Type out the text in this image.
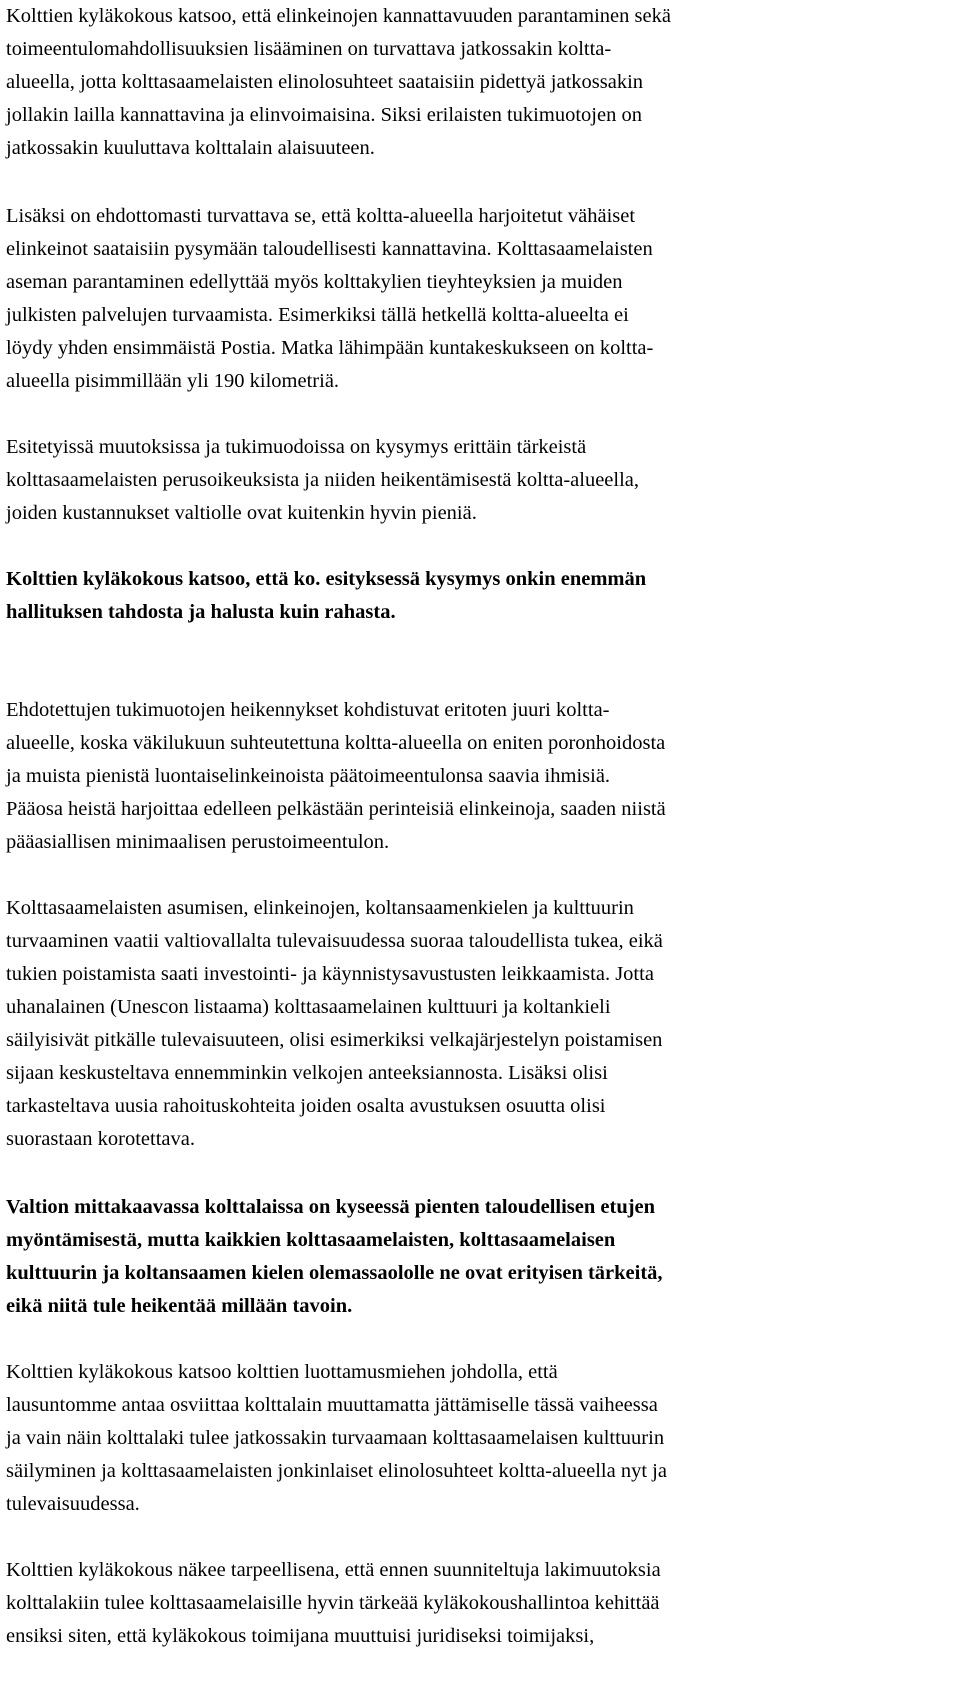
Kolttien kyläkokous katsoo, että elinkeinojen kannattavuuden parantaminen sekä
toimeentulomahdollisuuksien lisääminen on turvattava jatkossakin koltta-
alueella, jotta kolttasaamelaisten elinolosuhteet saataisiin pidettyä jatkossakin
jollakin lailla kannattavina ja elinvoimaisina. Siksi erilaisten tukimuotojen on
jatkossakin kuuluttava kolttalain alaisuuteen.

Lisäksi on ehdottomasti turvattava se, että koltta-alueella harjoitetut vähäiset
elinkeinot saataisiin pysymään taloudellisesti kannattavina. Kolttasaamelaisten
aseman parantaminen edellyttää myös kolttakylien tieyhteyksien ja muiden
julkisten palvelujen turvaamista. Esimerkiksi tällä hetkellä koltta-alueelta ei
löydy yhden ensimmäistä Postia. Matka lähimpään kuntakeskukseen on koltta-
alueella pisimmillään yli 190 kilometriä.

Esitetyissä muutoksissa ja tukimuodoissa on kysymys erittäin tärkeistä
kolttasaamelaisten perusoikeuksista ja niiden heikentämisestä koltta-alueella,
joiden kustannukset valtiolle ovat kuitenkin hyvin pieniä.

Kolttien kyläkokous katsoo, että ko. esityksessä kysymys onkin enemmän
hallituksen tahdosta ja halusta kuin rahasta.

Ehdotettujen tukimuotojen heikennykset kohdistuvat eritoten juuri koltta-
alueelle, koska väkilukuun suhteutettuna koltta-alueella on eniten poronhoidosta
ja muista pienistä luontaiselinkeinoista päätoimeentulonsa saavia ihmisiä.
Pääosa heistä harjoittaa edelleen pelkästään perinteisiä elinkeinoja, saaden niistä
pääasiallisen minimaalisen perustoimeentulon.

Kolttasaamelaisten asumisen, elinkeinojen, koltansaamenkielen ja kulttuurin
turvaaminen vaatii valtiovallalta tulevaisuudessa suoraa taloudellista tukea, eikä
tukien poistamista saati investointi- ja käynnistysavustusten leikkaamista. Jotta
uhanalainen (Unescon listaama) kolttasaamelainen kulttuuri ja koltankieli
säilyisivät pitkälle tulevaisuuteen, olisi esimerkiksi velkajärjestelyn poistamisen
sijaan keskusteltava ennemminkin velkojen anteeksiannosta. Lisäksi olisi
tarkasteltava uusia rahoituskohteita joiden osalta avustuksen osuutta olisi
suorastaan korotettava.

Valtion mittakaavassa kolttalaissa on kyseessä pienten taloudellisen etujen
myöntämisestä, mutta kaikkien kolttasaamelaisten, kolttasaamelaisen
kulttuurin ja koltansaamen kielen olemassaololle ne ovat erityisen tärkeitä,
eikä niitä tule heikentää millään tavoin.

Kolttien kyläkokous katsoo kolttien luottamusmiehen johdolla, että
lausuntomme antaa osviittaa kolttalain muuttamatta jättämiselle tässä vaiheessa
ja vain näin kolttalaki tulee jatkossakin turvaamaan kolttasaamelaisen kulttuurin
säilyminen ja kolttasaamelaisten jonkinlaiset elinolosuhteet koltta-alueella nyt ja
tulevaisuudessa.

Kolttien kyläkokous näkee tarpeellisena, että ennen suunniteltuja lakimuutoksia
kolttalakiin tulee kolttasaamelaisille hyvin tärkeää kyläkokoushallintoa kehittää
ensiksi siten, että kyläkokous toimijana muuttuisi juridiseksi toimijaksi,
